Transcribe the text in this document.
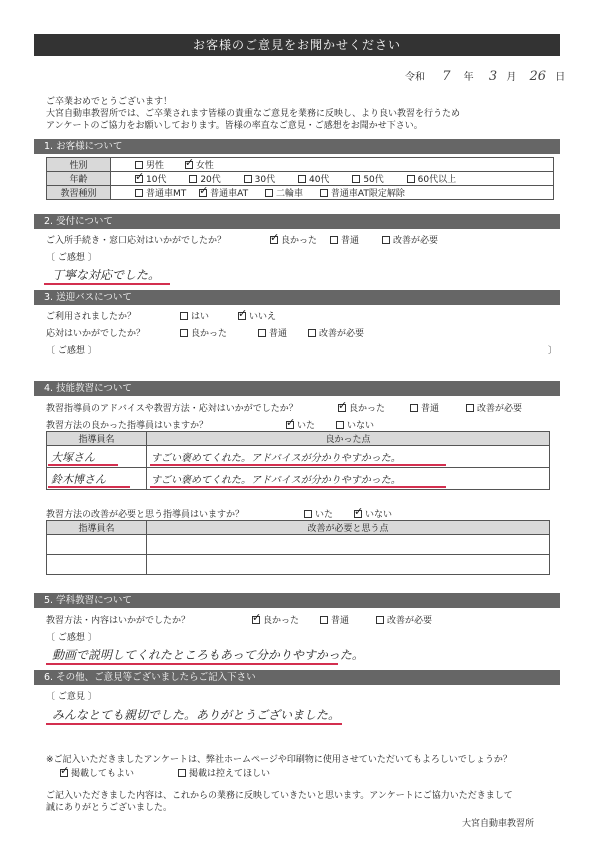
お客様のご意見をお聞かせください
令和 7 年 3 月 26 日
ご卒業おめでとうございます！
大宮自動車教習所では、ご卒業されます皆様の貴重なご意見を業務に反映し、より良い教習を行うため
アンケートのご協力をお願いしております。皆様の率直なご意見・ご感想をお聞かせ下さい。
1. お客様について
性別	男性 ✓ 女性
年齢	✓10代 20代 30代 40代 50代 60代以上
教習種別	普通車MT ✓ 普通車AT 二輪車 普通車AT限定解除
2. 受付について
ご入所手続き・窓口応対はいかがでしたか？ ✓	良かった	普通	改善が必要
〔 ご感想 〕
丁寧な対応でした。
3. 送迎バスについて
ご利用されましたか？	はい ✓	いいえ
応対はいかがでしたか？	良かった	普通	改善が必要
〔 ご感想 〕	〕
4. 技能教習について
教習指導員のアドバイスや教習方法・応対はいかがでしたか？ ✓	良かった	普通	改善が必要
教習方法の良かった指導員はいますか？ ✓	いた	いない
指導員名	良かった点
大塚さん	すごい褒めてくれた。アドバイスが分かりやすかった。
鈴木博さん	すごい褒めてくれた。アドバイスが分かりやすかった。
教習方法の改善が必要と思う指導員はいますか？	いた ✓	いない
指導員名	改善が必要と思う点

5. 学科教習について
教習方法・内容はいかがでしたか？ ✓	良かった	普通	改善が必要
〔 ご感想 〕
動画で説明してくれたところもあって分かりやすかった。
6. その他、ご意見等ございましたらご記入下さい
〔 ご意見 〕
みんなとても親切でした。ありがとうございました。
※ご記入いただきましたアンケートは、弊社ホームページや印刷物に使用させていただいてもよろしいでしょうか？
✓掲載してもよい	掲載は控えてほしい
ご記入いただきました内容は、これからの業務に反映していきたいと思います。アンケートにご協力いただきまして
誠にありがとうございました。
大宮自動車教習所
